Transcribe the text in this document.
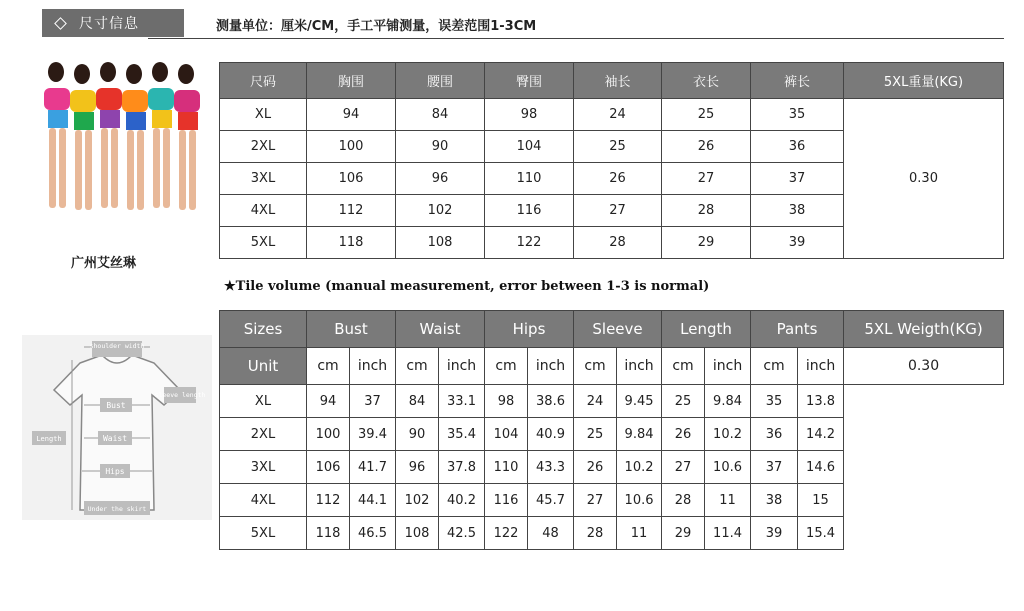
尺寸信息	测量单位：厘米/CM，手工平铺测量，误差范围1-3CM
广州艾丝琳
shoulder width
sleeve length
Bust
Length	Waist
Hips
Under the skirt
尺码	胸围	腰围	臀围	袖长	衣长	裤长	5XL重量(KG)
XL	94	84	98	24	25	35	0.30
2XL	100	90	104	25	26	36	
3XL	106	96	110	26	27	37	
4XL	112	102	116	27	28	38	
5XL	118	108	122	28	29	39	
★Tile volume (manual measurement, error between 1-3 is normal)
Sizes	Bust		Waist		Hips		Sleeve		Length		Pants		5XL Weigth(KG)
Unit	cm	inch	cm	inch	cm	inch	cm	inch	cm	inch	cm	inch	0.30
XL	94	37	84	33.1	98	38.6	24	9.45	25	9.84	35	13.8	
2XL	100	39.4	90	35.4	104	40.9	25	9.84	26	10.2	36	14.2	
3XL	106	41.7	96	37.8	110	43.3	26	10.2	27	10.6	37	14.6	
4XL	112	44.1	102	40.2	116	45.7	27	10.6	28	11	38	15	
5XL	118	46.5	108	42.5	122	48	28	11	29	11.4	39	15.4	
